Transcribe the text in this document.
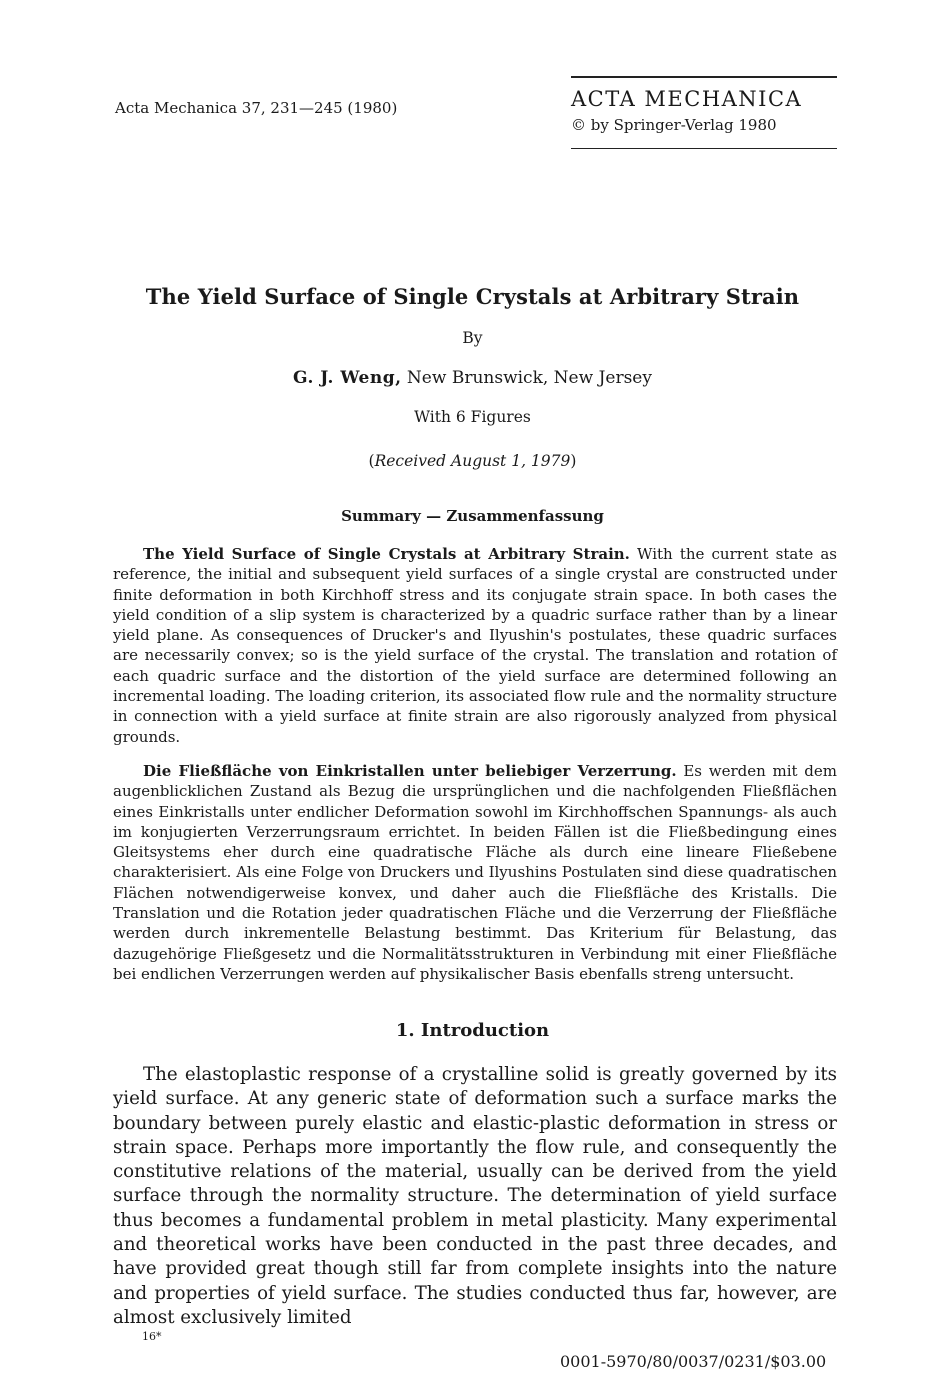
Acta Mechanica 37, 231—245 (1980)	ACTA MECHANICA
© by Springer-Verlag 1980
The Yield Surface of Single Crystals at Arbitrary Strain
By
G. J. Weng, New Brunswick, New Jersey
With 6 Figures
(Received August 1, 1979)
Summary — Zusammenfassung
The Yield Surface of Single Crystals at Arbitrary Strain. With the current state as reference, the initial and subsequent yield surfaces of a single crystal are constructed under finite deformation in both Kirchhoff stress and its conjugate strain space. In both cases the yield condition of a slip system is characterized by a quadric surface rather than by a linear yield plane. As consequences of Drucker's and Ilyushin's postulates, these quadric surfaces are necessarily convex; so is the yield surface of the crystal. The translation and rotation of each quadric surface and the distortion of the yield surface are determined following an incremental loading. The loading criterion, its associated flow rule and the normality structure in connection with a yield surface at finite strain are also rigorously analyzed from physical grounds.
Die Fließfläche von Einkristallen unter beliebiger Verzerrung. Es werden mit dem augenblicklichen Zustand als Bezug die ursprünglichen und die nachfolgenden Fließflächen eines Einkristalls unter endlicher Deformation sowohl im Kirchhoffschen Spannungs- als auch im konjugierten Verzerrungsraum errichtet. In beiden Fällen ist die Fließbedingung eines Gleitsystems eher durch eine quadratische Fläche als durch eine lineare Fließebene charakterisiert. Als eine Folge von Druckers und Ilyushins Postulaten sind diese quadratischen Flächen notwendigerweise konvex, und daher auch die Fließfläche des Kristalls. Die Translation und die Rotation jeder quadratischen Fläche und die Verzerrung der Fließfläche werden durch inkrementelle Belastung bestimmt. Das Kriterium für Belastung, das dazugehörige Fließgesetz und die Normalitätsstrukturen in Verbindung mit einer Fließfläche bei endlichen Verzerrungen werden auf physikalischer Basis ebenfalls streng untersucht.
1. Introduction
The elastoplastic response of a crystalline solid is greatly governed by its yield surface. At any generic state of deformation such a surface marks the boundary between purely elastic and elastic-plastic deformation in stress or strain space. Perhaps more importantly the flow rule, and consequently the constitutive relations of the material, usually can be derived from the yield surface through the normality structure. The determination of yield surface thus becomes a fundamental problem in metal plasticity. Many experimental and theoretical works have been conducted in the past three decades, and have provided great though still far from complete insights into the nature and properties of yield surface. The studies conducted thus far, however, are almost exclusively limited
16*
0001-5970/80/0037/0231/$03.00
